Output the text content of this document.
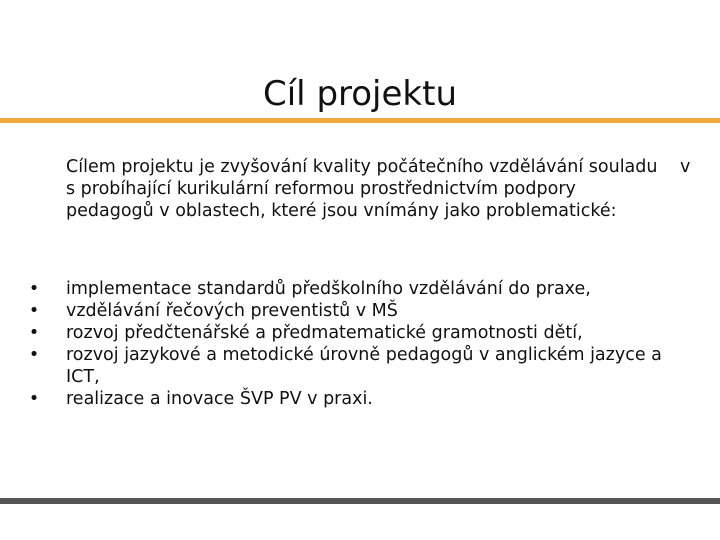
Cíl projektu

Cílem projektu je zvyšování kvality počátečního vzdělávání souladu s probíhající kurikulární reformou prostřednictvím podpory pedagogů v oblastech, které jsou vnímány jako problematické:

v
• implementace standardů předškolního vzdělávání do praxe,
• vzdělávání řečových preventistů v MŠ
• rozvoj předčtenářské a předmatematické gramotnosti dětí,
• rozvoj jazykové a metodické úrovně pedagogů v anglickém jazyce a ICT,
• realizace a inovace ŠVP PV v praxi.
